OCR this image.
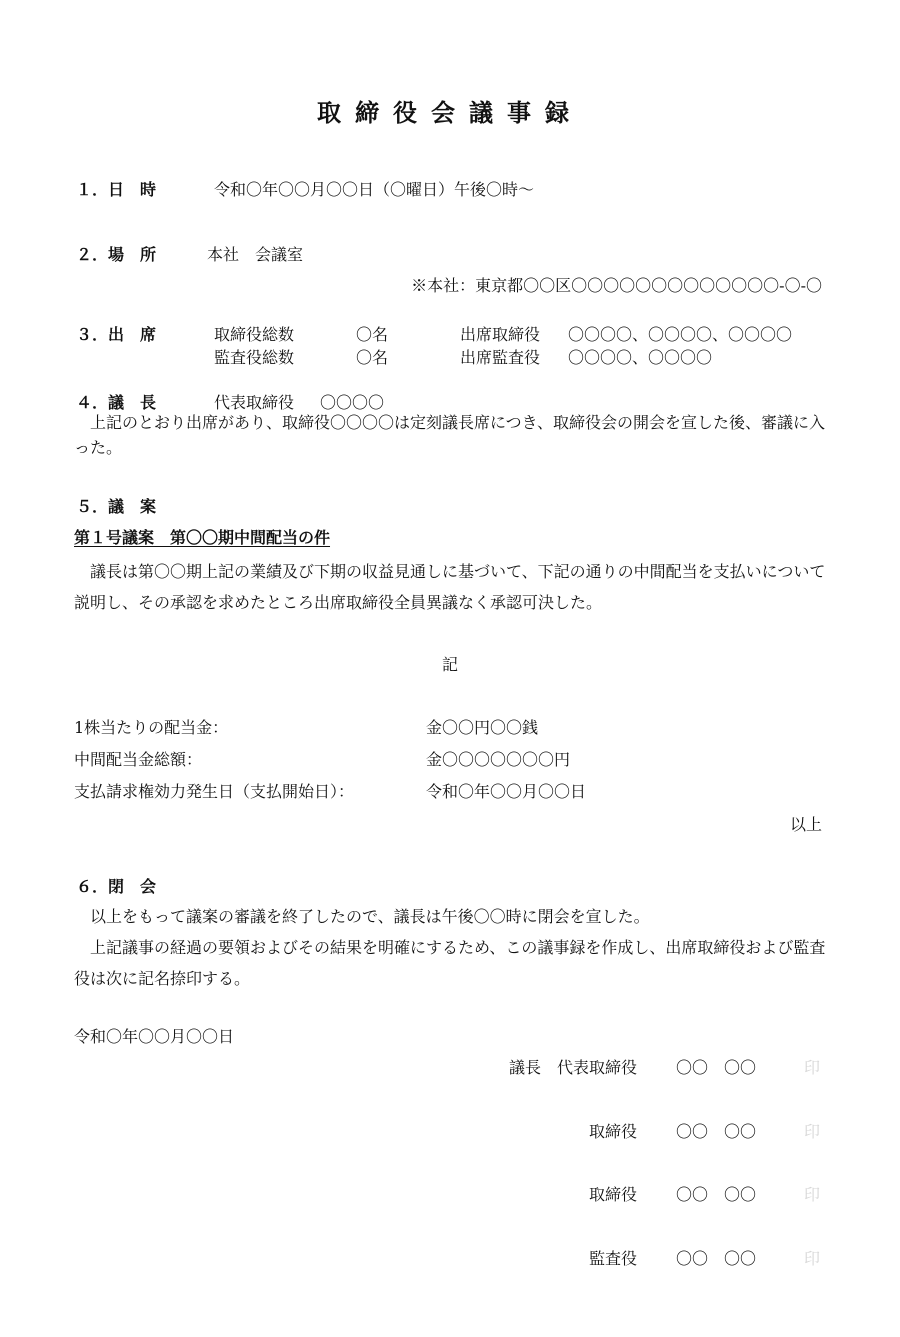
取締役会議事録
１．日　時	令和〇年〇〇月〇〇日（〇曜日）午後〇時～
２．場　所	本社　会議室
※本社：東京都〇〇区〇〇〇〇〇〇〇〇〇〇〇〇〇-〇-〇
３．出　席	取締役総数	〇名	出席取締役 〇〇〇〇、〇〇〇〇、〇〇〇〇
監査役総数	〇名	出席監査役 〇〇〇〇、〇〇〇〇
４．議　長	代表取締役 〇〇〇〇
上記のとおり出席があり、取締役〇〇〇〇は定刻議長席につき、取締役会の開会を宣した後、審議に入った。
５．議　案
第１号議案　第〇〇期中間配当の件
議長は第〇〇期上記の業績及び下期の収益見通しに基づいて、下記の通りの中間配当を支払いについて説明し、その承認を求めたところ出席取締役全員異議なく承認可決した。
記
1株当たりの配当金：	金〇〇円〇〇銭
中間配当金総額：	金〇〇〇〇〇〇〇円
支払請求権効力発生日（支払開始日）：	令和〇年〇〇月〇〇日
以上
６．閉　会
以上をもって議案の審議を終了したので、議長は午後〇〇時に閉会を宣した。
上記議事の経過の要領およびその結果を明確にするため、この議事録を作成し、出席取締役および監査役は次に記名捺印する。
令和〇年〇〇月〇〇日
議長　代表取締役 〇〇　〇〇	印
取締役 〇〇　〇〇	印
取締役 〇〇　〇〇	印
監査役 〇〇　〇〇	印
